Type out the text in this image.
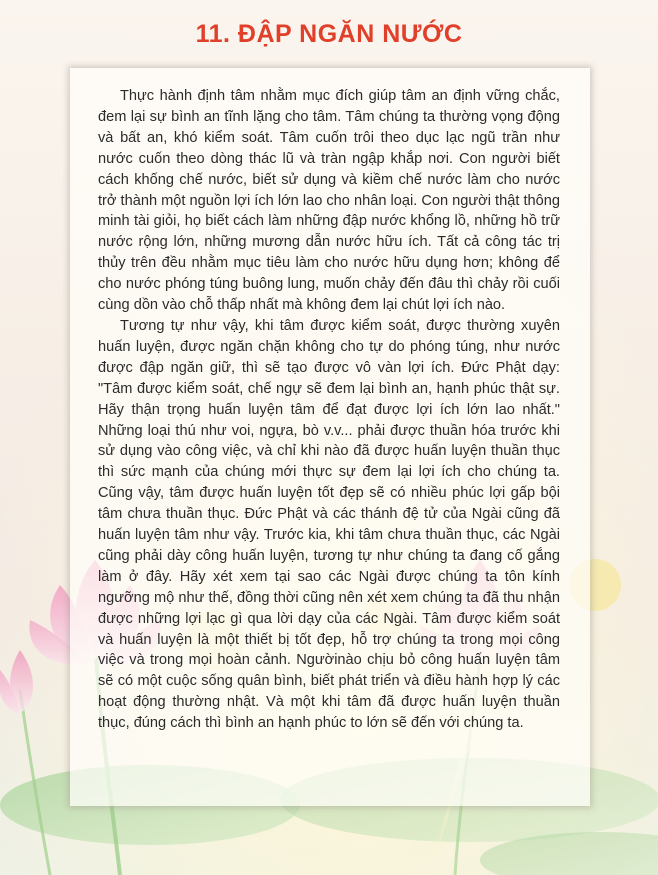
11. ĐẬP NGĂN NƯỚC

Thực hành định tâm nhằm mục đích giúp tâm an định vững chắc, đem lại sự bình an tĩnh lặng cho tâm. Tâm chúng ta thường vọng động và bất an, khó kiểm soát. Tâm cuốn trôi theo dục lạc ngũ trần như nước cuốn theo dòng thác lũ và tràn ngập khắp nơi. Con người biết cách khống chế nước, biết sử dụng và kiềm chế nước làm cho nước trở thành một nguồn lợi ích lớn lao cho nhân loại. Con người thật thông minh tài giỏi, họ biết cách làm những đập nước khổng lồ, những hồ trữ nước rộng lớn, những mương dẫn nước hữu ích. Tất cả công tác trị thủy trên đều nhằm mục tiêu làm cho nước hữu dụng hơn; không để cho nước phóng túng buông lung, muốn chảy đến đâu thì chảy rồi cuối cùng dồn vào chỗ thấp nhất mà không đem lại chút lợi ích nào.

Tương tự như vậy, khi tâm được kiểm soát, được thường xuyên huấn luyện, được ngăn chặn không cho tự do phóng túng, như nước được đập ngăn giữ, thì sẽ tạo được vô vàn lợi ích. Đức Phật dạy: "Tâm được kiểm soát, chế ngự sẽ đem lại bình an, hạnh phúc thật sự. Hãy thận trọng huấn luyện tâm để đạt được lợi ích lớn lao nhất." Những loại thú như voi, ngựa, bò v.v... phải được thuần hóa trước khi sử dụng vào công việc, và chỉ khi nào đã được huấn luyện thuần thục thì sức mạnh của chúng mới thực sự đem lại lợi ích cho chúng ta. Cũng vậy, tâm được huấn luyện tốt đẹp sẽ có nhiều phúc lợi gấp bội tâm chưa thuần thục. Đức Phật và các thánh đệ tử của Ngài cũng đã huấn luyện tâm như vậy. Trước kia, khi tâm chưa thuần thục, các Ngài cũng phải dày công huấn luyện, tương tự như chúng ta đang cố gắng làm ở đây. Hãy xét xem tại sao các Ngài được chúng ta tôn kính ngưỡng mộ như thế, đồng thời cũng nên xét xem chúng ta đã thu nhận được những lợi lạc gì qua lời dạy của các Ngài. Tâm được kiểm soát và huấn luyện là một thiết bị tốt đẹp, hỗ trợ chúng ta trong mọi công việc và trong mọi hoàn cảnh. Ngườinào chịu bỏ công huấn luyện tâm sẽ có một cuộc sống quân bình, biết phát triển và điều hành hợp lý các hoạt động thường nhật. Và một khi tâm đã được huấn luyện thuần thục, đúng cách thì bình an hạnh phúc to lớn sẽ đến với chúng ta.
